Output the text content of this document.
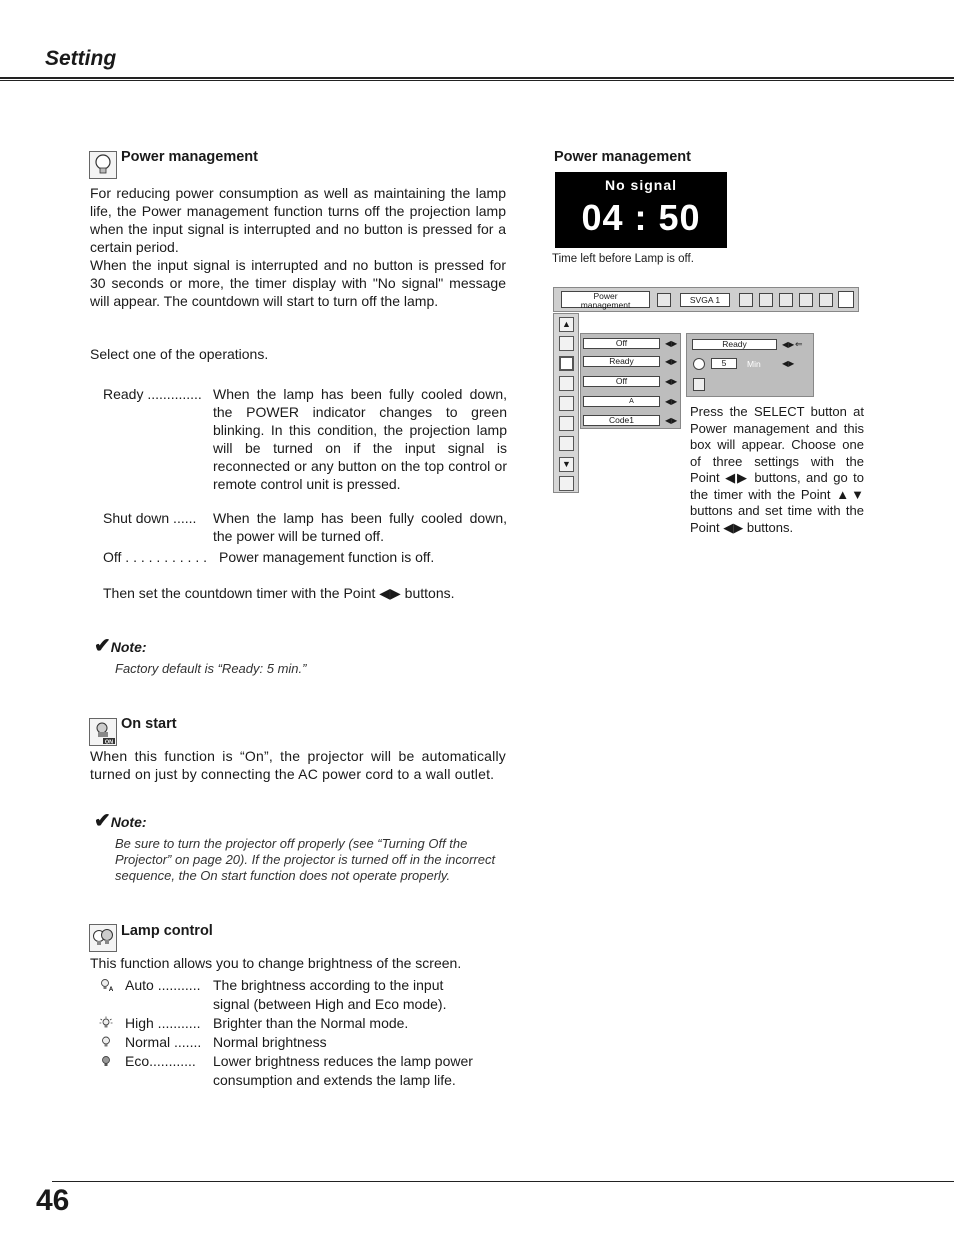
Setting
Power management
For reducing power consumption as well as maintaining the lamp life, the Power management function turns off the projection lamp when the input signal is interrupted and no button is pressed for a certain period.
When the input signal is interrupted and no button is pressed for 30 seconds or more, the timer display with "No signal" message will appear. The countdown will start to turn off the lamp.
Select one of the operations.
Ready .............. When the lamp has been fully cooled down, the POWER indicator changes to green blinking. In this condition, the projection lamp will be turned on if the input signal is reconnected or any button on the top control or remote control unit is pressed.
Shut down ...... When the lamp has been fully cooled down, the power will be turned off.
Off . . . . . . . . . . . Power management function is off.
Then set the countdown timer with the Point ◀▶ buttons.
✔Note:
Factory default is “Ready: 5 min.”
ON
On start
When this function is “On”, the projector will be automatically turned on just by connecting the AC power cord to a wall outlet.
✔Note:
Be sure to turn the projector off properly (see “Turning Off the Projector” on page 20). If the projector is turned off in the incorrect sequence, the On start function does not operate properly.
Lamp control
This function allows you to change brightness of the screen.
A Auto ........... The brightness according to the input
signal (between High and Eco mode).
High ........... Brighter than the Normal mode.
Normal ....... Normal brightness
Eco............ Lower brightness reduces the lamp power
consumption and extends the lamp life.
Power management
No signal
04 : 50
Time left before Lamp is off.
Power management	SVGA 1
▲
▼
Off	◀▶
Ready	◀▶
Off	◀▶
A	◀▶
Code1	◀▶
Ready	◀▶ ⇐
5	Min	◀▶
Press the SELECT button at Power management and this box will appear. Choose one of three settings with the Point ◀▶ buttons, and go to the timer with the Point ▲▼ buttons and set time with the Point ◀▶ buttons.
46
